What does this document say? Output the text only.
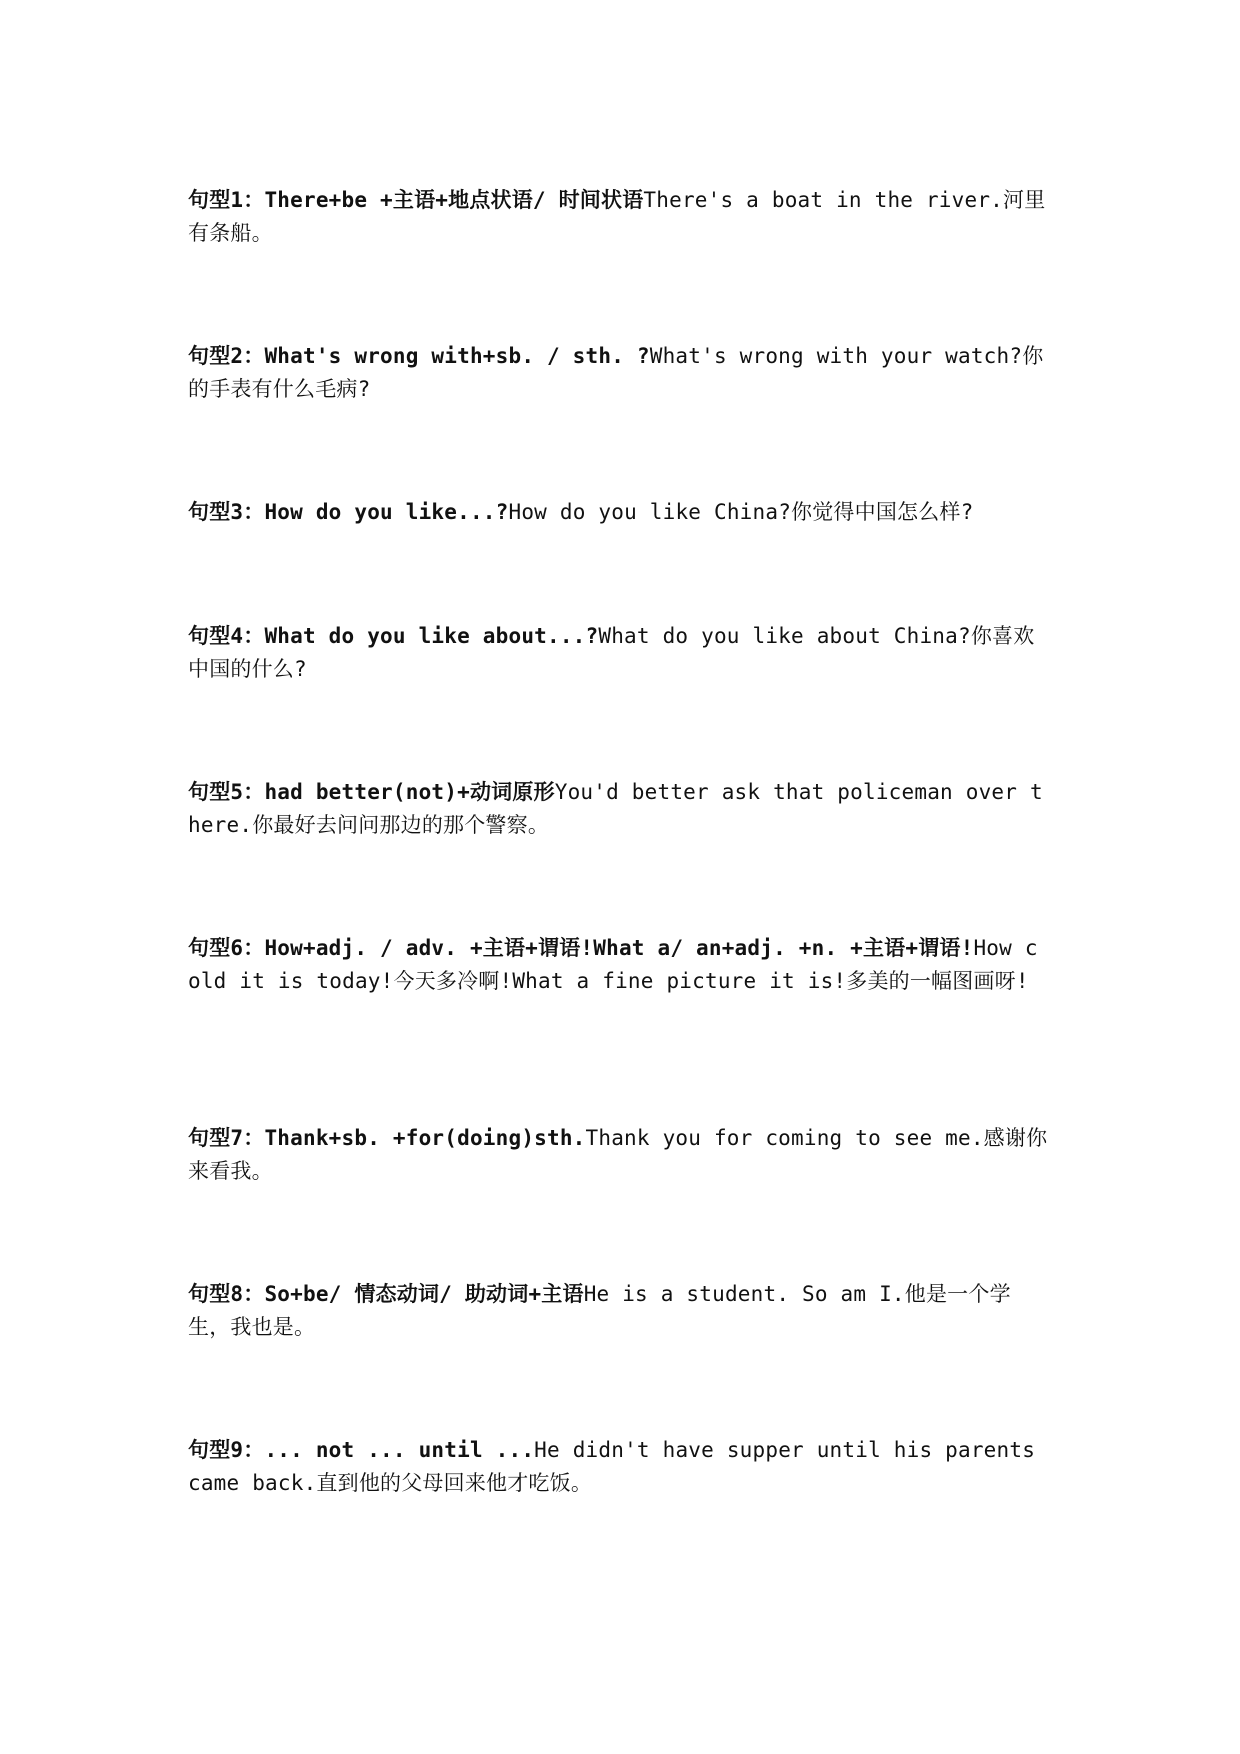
句型1：There+be +主语+地点状语/ 时间状语There's a boat in the river.河里有条船。

句型2：What's wrong with+sb. / sth. ?What's wrong with your watch?你的手表有什么毛病?

句型3：How do you like...?How do you like China?你觉得中国怎么样?

句型4：What do you like about...?What do you like about China?你喜欢中国的什么?

句型5：had better(not)+动词原形You'd better ask that policeman over there.你最好去问问那边的那个警察。

句型6：How+adj. / adv. +主语+谓语!What a/ an+adj. +n. +主语+谓语!How cold it is today!今天多冷啊!What a fine picture it is!多美的一幅图画呀!

句型7：Thank+sb. +for(doing)sth.Thank you for coming to see me.感谢你来看我。

句型8：So+be/ 情态动词/ 助动词+主语He is a student. So am I.他是一个学生，我也是。

句型9：... not ... until ...He didn't have supper until his parents came back.直到他的父母回来他才吃饭。
